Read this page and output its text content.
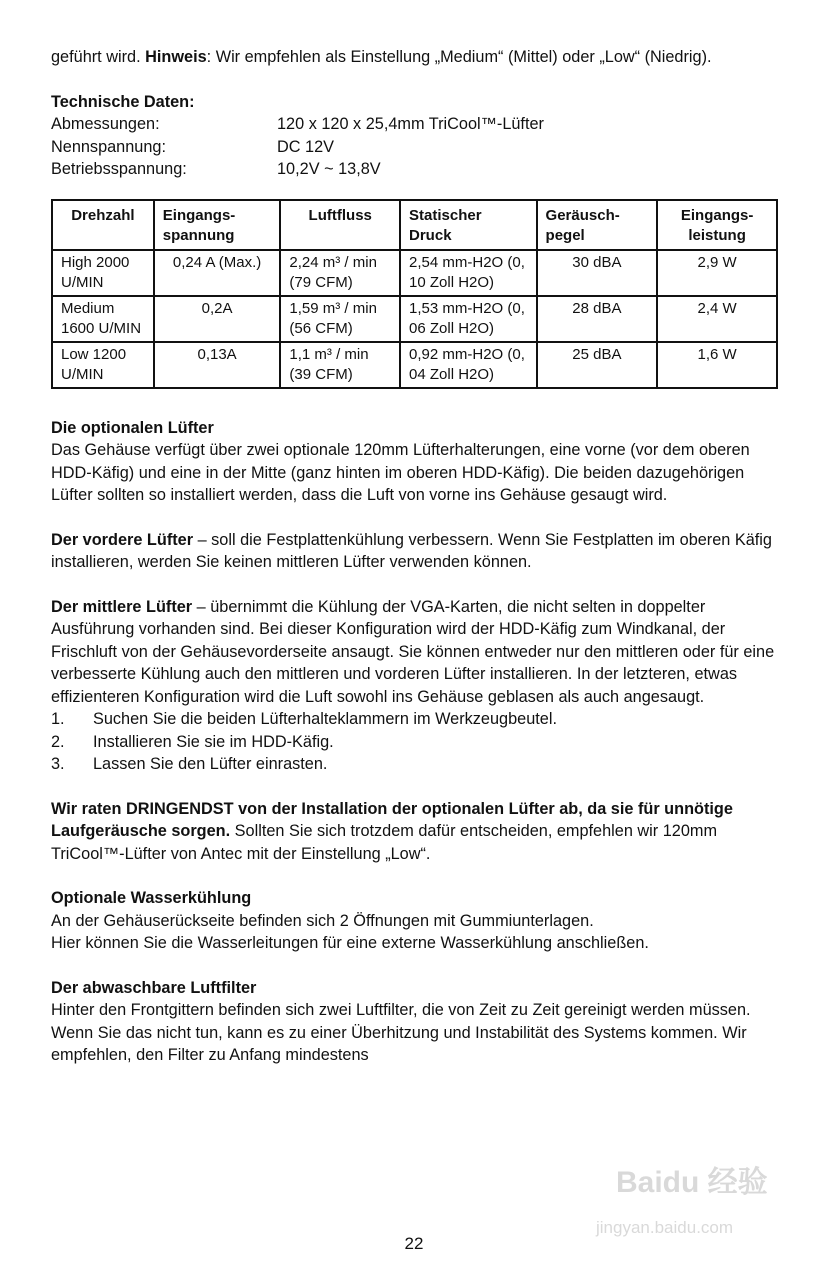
geführt wird. Hinweis: Wir empfehlen als Einstellung „Medium“ (Mittel) oder „Low“ (Niedrig).

Technische Daten:

Abmessungen:	120 x 120 x 25,4mm TriCool™-Lüfter
Nennspannung:	DC 12V
Betriebsspannung:	10,2V ~ 13,8V
Drehzahl	Eingangs-spannung	Luftfluss	Statischer Druck	Geräusch-pegel	Eingangs-leistung
High 2000 U/MIN	0,24 A (Max.)	2,24 m³ / min (79 CFM)	2,54 mm-H2O (0, 10 Zoll H2O)	30 dBA	2,9 W
Medium 1600 U/MIN	0,2A	1,59 m³ / min (56 CFM)	1,53 mm-H2O (0, 06 Zoll H2O)	28 dBA	2,4 W
Low 1200 U/MIN	0,13A	1,1 m³ / min (39 CFM)	0,92 mm-H2O (0, 04 Zoll H2O)	25 dBA	1,6 W

Die optionalen Lüfter

Das Gehäuse verfügt über zwei optionale 120mm Lüfterhalterungen, eine vorne (vor dem oberen HDD-Käfig) und eine in der Mitte (ganz hinten im oberen HDD-Käfig). Die beiden dazugehörigen Lüfter sollten so installiert werden, dass die Luft von vorne ins Gehäuse gesaugt wird.

Der vordere Lüfter – soll die Festplattenkühlung verbessern. Wenn Sie Festplatten im oberen Käfig installieren, werden Sie keinen mittleren Lüfter verwenden können.

Der mittlere Lüfter – übernimmt die Kühlung der VGA-Karten, die nicht selten in doppelter Ausführung vorhanden sind. Bei dieser Konfiguration wird der HDD-Käfig zum Windkanal, der Frischluft von der Gehäusevorderseite ansaugt. Sie können entweder nur den mittleren oder für eine verbesserte Kühlung auch den mittleren und vorderen Lüfter installieren. In der letzteren, etwas effizienteren Konfiguration wird die Luft sowohl ins Gehäuse geblasen als auch angesaugt.

1.	Suchen Sie die beiden Lüfterhalteklammern im Werkzeugbeutel.
2.	Installieren Sie sie im HDD-Käfig.
3.	Lassen Sie den Lüfter einrasten.

Wir raten DRINGENDST von der Installation der optionalen Lüfter ab, da sie für unnötige Laufgeräusche sorgen. Sollten Sie sich trotzdem dafür entscheiden, empfehlen wir 120mm TriCool™-Lüfter von Antec mit der Einstellung „Low“.

Optionale Wasserkühlung

An der Gehäuserückseite befinden sich 2 Öffnungen mit Gummiunterlagen.

Hier können Sie die Wasserleitungen für eine externe Wasserkühlung anschließen.

Der abwaschbare Luftfilter

Hinter den Frontgittern befinden sich zwei Luftfilter, die von Zeit zu Zeit gereinigt werden müssen. Wenn Sie das nicht tun, kann es zu einer Überhitzung und Instabilität des Systems kommen. Wir empfehlen, den Filter zu Anfang mindestens

22
Baidu 经验
jingyan.baidu.com
